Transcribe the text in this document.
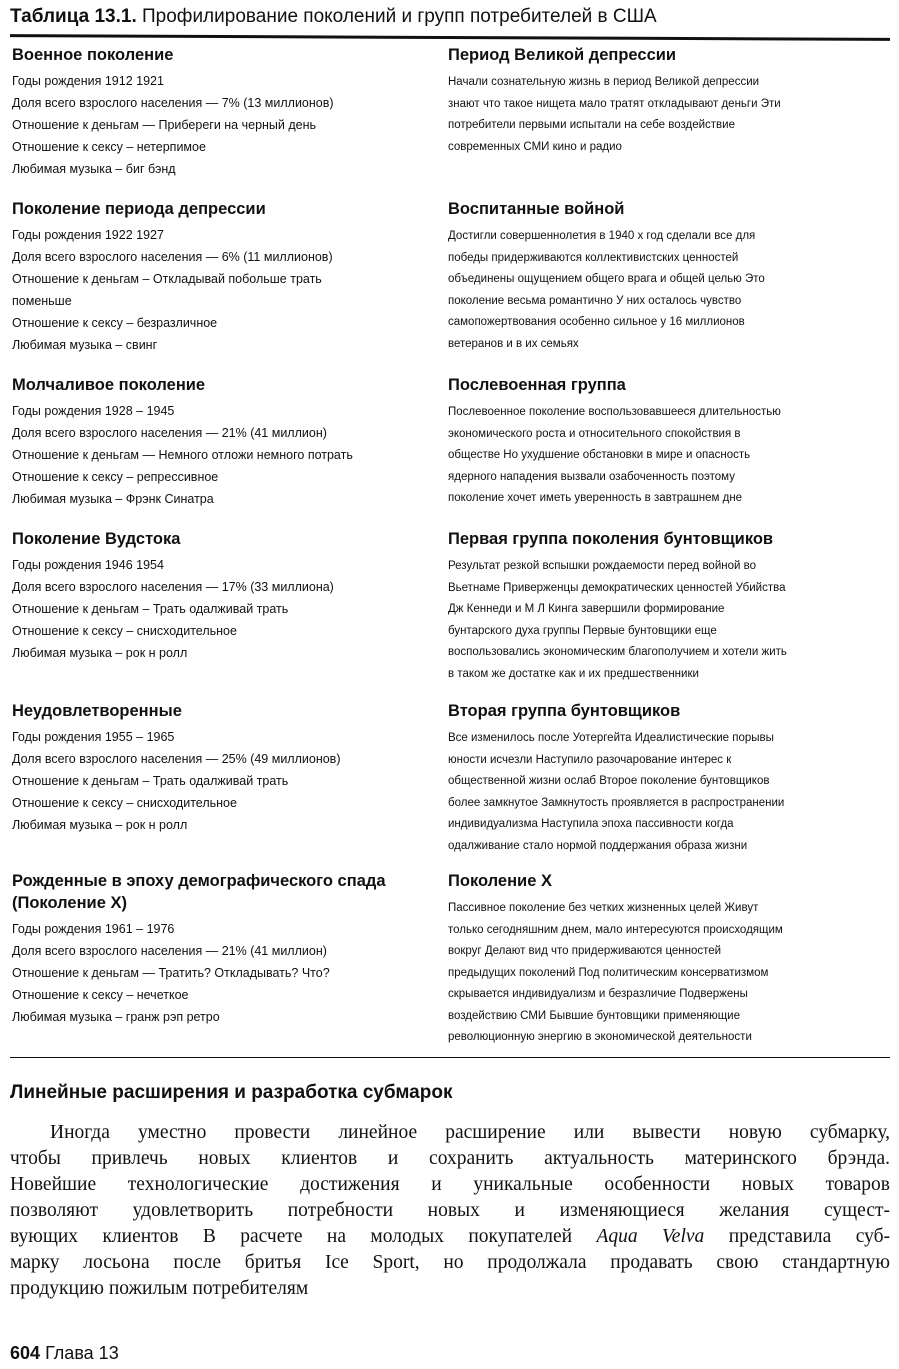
Таблица 13.1. Профилирование поколений и групп потребителей в США
Военное поколение
Годы рождения 1912 1921
Доля всего взрослого населения — 7% (13 миллионов)
Отношение к деньгам — Прибереги на черный день
Отношение к сексу – нетерпимое
Любимая музыка – биг бэнд
Поколение периода депрессии
Годы рождения 1922 1927
Доля всего взрослого населения — 6% (11 миллионов)
Отношение к деньгам – Откладывай побольше трать
поменьше
Отношение к сексу – безразличное
Любимая музыка – свинг
Молчаливое поколение
Годы рождения 1928 – 1945
Доля всего взрослого населения — 21% (41 миллион)
Отношение к деньгам — Немного отложи немного потрать
Отношение к сексу – репрессивное
Любимая музыка – Фрэнк Синатра
Поколение Вудстока
Годы рождения 1946 1954
Доля всего взрослого населения — 17% (33 миллиона)
Отношение к деньгам – Трать одалживай трать
Отношение к сексу – снисходительное
Любимая музыка – рок н ролл
Неудовлетворенные
Годы рождения 1955 – 1965
Доля всего взрослого населения — 25% (49 миллионов)
Отношение к деньгам – Трать одалживай трать
Отношение к сексу – снисходительное
Любимая музыка – рок н ролл
Рожденные в эпоху демографического спада
(Поколение X)
Годы рождения 1961 – 1976
Доля всего взрослого населения — 21% (41 миллион)
Отношение к деньгам — Тратить? Откладывать? Что?
Отношение к сексу – нечеткое
Любимая музыка – гранж рэп ретро
Период Великой депрессии
Начали сознательную жизнь в период Великой депрессии
знают что такое нищета мало тратят откладывают деньги Эти
потребители первыми испытали на себе воздействие
современных СМИ кино и радио
Воспитанные войной
Достигли совершеннолетия в 1940 х год сделали все для
победы придерживаются коллективистских ценностей
объединены ощущением общего врага и общей целью Это
поколение весьма романтично У них осталось чувство
самопожертвования особенно сильное у 16 миллионов
ветеранов и в их семьях
Послевоенная группа
Послевоенное поколение воспользовавшееся длительностью
экономического роста и относительного спокойствия в
обществе Но ухудшение обстановки в мире и опасность
ядерного нападения вызвали озабоченность поэтому
поколение хочет иметь уверенность в завтрашнем дне
Первая группа поколения бунтовщиков
Результат резкой вспышки рождаемости перед войной во
Вьетнаме Приверженцы демократических ценностей Убийства
Дж Кеннеди и М Л Кинга завершили формирование
бунтарского духа группы Первые бунтовщики еще
воспользовались экономическим благополучием и хотели жить
в таком же достатке как и их предшественники
Вторая группа бунтовщиков
Все изменилось после Уотергейта Идеалистические порывы
юности исчезли Наступило разочарование интерес к
общественной жизни ослаб Второе поколение бунтовщиков
более замкнутое Замкнутость проявляется в распространении
индивидуализма Наступила эпоха пассивности когда
одалживание стало нормой поддержания образа жизни
Поколение X
Пассивное поколение без четких жизненных целей Живут
только сегодняшним днем, мало интересуются происходящим
вокруг Делают вид что придерживаются ценностей
предыдущих поколений Под политическим консерватизмом
скрывается индивидуализм и безразличие Подвержены
воздействию СМИ Бывшие бунтовщики применяющие
революционную энергию в экономической деятельности
Линейные расширения и разработка субмарок
Иногда уместно провести линейное расширение или вывести новую субмарку,
чтобы привлечь новых клиентов и сохранить актуальность материнского брэнда.
Новейшие технологические достижения и уникальные особенности новых товаров
позволяют удовлетворить потребности новых и изменяющиеся желания сущест-
вующих клиентов В расчете на молодых покупателей Aqua Velva представила суб-
марку лосьона после бритья Ice Sport, но продолжала продавать свою стандартную
продукцию пожилым потребителям
604 Глава 13
